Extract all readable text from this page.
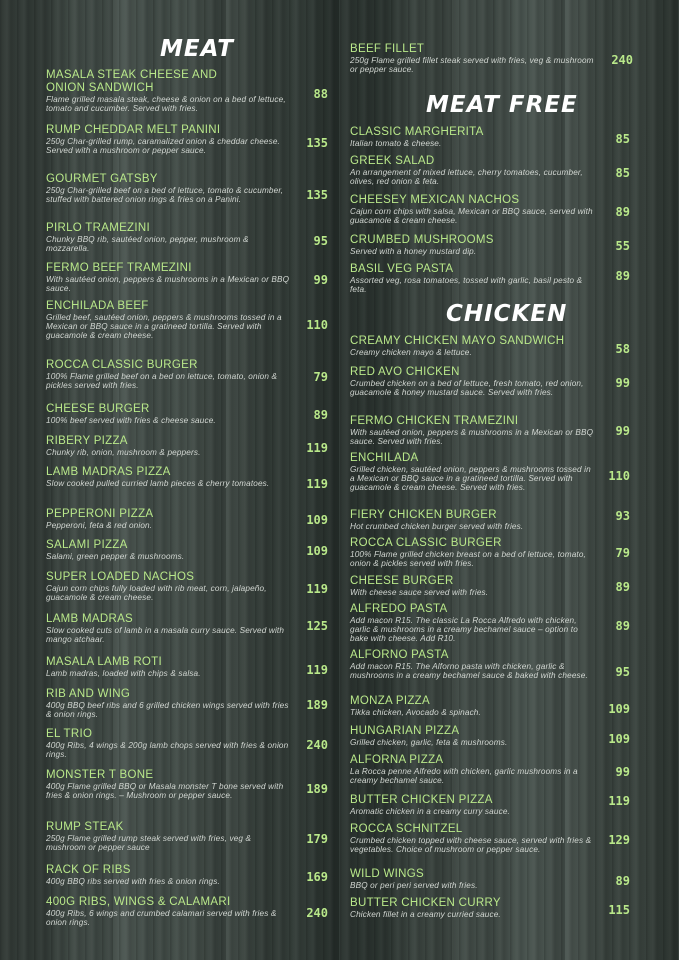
MEAT
MASALA STEAK CHEESE AND
ONION SANDWICH
Flame grilled masala steak, cheese & onion on a bed of lettuce, tomato and cucumber. Served with fries.
88
RUMP CHEDDAR MELT PANINI
250g Char-grilled rump, caramalized onion & cheddar cheese. Served with a mushroom or pepper sauce.
135
GOURMET GATSBY
250g Char-grilled beef on a bed of lettuce, tomato & cucumber, stuffed with battered onion rings & fries on a Panini.	135
PIRLO TRAMEZINI
Chunky BBQ rib, sautéed onion, pepper, mushroom & mozzarella.
95
FERMO BEEF TRAMEZINI
With sautéed onion, peppers & mushrooms in a Mexican or BBQ sauce.
99
ENCHILADA BEEF
Grilled beef, sautéed onion, peppers & mushrooms tossed in a Mexican or BBQ sauce in a gratineed tortilla. Served with guacamole & cream cheese.
110
ROCCA CLASSIC BURGER
100% Flame grilled beef on a bed on lettuce, tomato, onion & pickles served with fries.
79
CHEESE BURGER
100% beef served with fries & cheese sauce.	89
RIBERY PIZZA
Chunky rib, onion, mushroom & peppers.	119
LAMB MADRAS PIZZA
Slow cooked pulled curried lamb pieces & cherry tomatoes.	119
PEPPERONI PIZZA
Pepperoni, feta & red onion.	109
SALAMI PIZZA
Salami, green pepper & mushrooms.	109
SUPER LOADED NACHOS
Cajun corn chips fully loaded with rib meat, corn, jalapeño, guacamole & cream cheese.
119
LAMB MADRAS
Slow cooked cuts of lamb in a masala curry sauce. Served with mango atchaar.
125
MASALA LAMB ROTI
Lamb madras, loaded with chips & salsa.	119
RIB AND WING
400g BBQ beef ribs and 6 grilled chicken wings served with fries & onion rings.
189
EL TRIO
400g Ribs, 4 wings & 200g lamb chops served with fries & onion rings.
240
MONSTER T BONE
400g Flame grilled BBQ or Masala monster T bone served with fries & onion rings. – Mushroom or pepper sauce.	189
RUMP STEAK
250g Flame grilled rump steak served with fries, veg & mushroom or pepper sauce
179
RACK OF RIBS
400g BBQ ribs served with fries & onion rings.	169
400G RIBS, WINGS & CALAMARI
400g Ribs, 6 wings and crumbed calamari served with fries & onion rings.
240
BEEF FILLET
250g Flame grilled fillet steak served with fries, veg & mushroom or pepper sauce.
240
MEAT FREE
CLASSIC MARGHERITA
Italian tomato & cheese.	85
GREEK SALAD
An arrangement of mixed lettuce, cherry tomatoes, cucumber, olives, red onion & feta.
85
CHEESEY MEXICAN NACHOS
Cajun corn chips with salsa, Mexican or BBQ sauce, served with guacamole & cream cheese.
89
CRUMBED MUSHROOMS
Served with a honey mustard dip.	55
BASIL VEG PASTA
Assorted veg, rosa tomatoes, tossed with garlic, basil pesto & feta.
89
CHICKEN
CREAMY CHICKEN MAYO SANDWICH
Creamy chicken mayo & lettuce.	58
RED AVO CHICKEN
Crumbed chicken on a bed of lettuce, fresh tomato, red onion, guacamole & honey mustard sauce. Served with fries.
99
FERMO CHICKEN TRAMEZINI
With sautéed onion, peppers & mushrooms in a Mexican or BBQ sauce. Served with fries.
99
ENCHILADA
Grilled chicken, sautéed onion, peppers & mushrooms tossed in a Mexican or BBQ sauce in a gratineed tortilla. Served with guacamole & cream cheese. Served with fries.
110
FIERY CHICKEN BURGER
Hot crumbed chicken burger served with fries.
93
ROCCA CLASSIC BURGER
100% Flame grilled chicken breast on a bed of lettuce, tomato, onion & pickles served with fries.
79
CHEESE BURGER
With cheese sauce served with fries.	89
ALFREDO PASTA
Add macon R15. The classic La Rocca Alfredo with chicken, garlic & mushrooms in a creamy bechamel sauce – option to bake with cheese. Add R10.
89
ALFORNO PASTA
Add macon R15. The Alforno pasta with chicken, garlic & mushrooms in a creamy bechamel sauce & baked with cheese.	95
MONZA PIZZA
Tikka chicken, Avocado & spinach.	109
HUNGARIAN PIZZA
Grilled chicken, garlic, feta & mushrooms.	109
ALFORNA PIZZA
La Rocca penne Alfredo with chicken, garlic mushrooms in a creamy bechamel sauce.
99
BUTTER CHICKEN PIZZA
Aromatic chicken in a creamy curry sauce.
119
ROCCA SCHNITZEL
Crumbed chicken topped with cheese sauce, served with fries & vegetables. Choice of mushroom or pepper sauce.
129
WILD WINGS
BBQ or peri peri served with fries.	89
BUTTER CHICKEN CURRY
Chicken fillet in a creamy curried sauce.	115
